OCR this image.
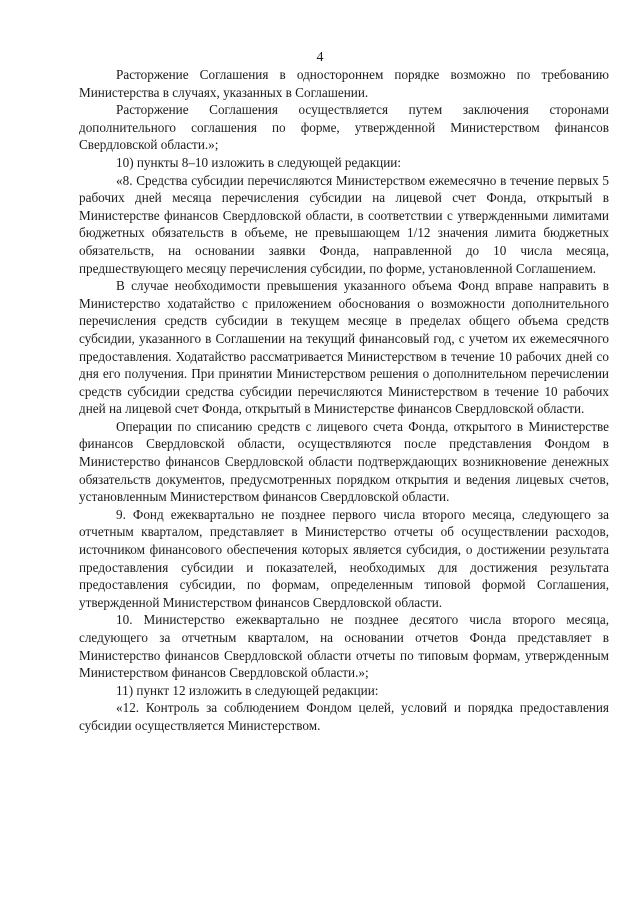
4

Расторжение Соглашения в одностороннем порядке возможно по требованию Министерства в случаях, указанных в Соглашении.

Расторжение Соглашения осуществляется путем заключения сторонами дополнительного соглашения по форме, утвержденной Министерством финансов Свердловской области.»;

10) пункты 8–10 изложить в следующей редакции:

«8. Средства субсидии перечисляются Министерством ежемесячно в течение первых 5 рабочих дней месяца перечисления субсидии на лицевой счет Фонда, открытый в Министерстве финансов Свердловской области, в соответствии с утвержденными лимитами бюджетных обязательств в объеме, не превышающем 1/12 значения лимита бюджетных обязательств, на основании заявки Фонда, направленной до 10 числа месяца, предшествующего месяцу перечисления субсидии, по форме, установленной Соглашением.

В случае необходимости превышения указанного объема Фонд вправе направить в Министерство ходатайство с приложением обоснования о возможности дополнительного перечисления средств субсидии в текущем месяце в пределах общего объема средств субсидии, указанного в Соглашении на текущий финансовый год, с учетом их ежемесячного предоставления. Ходатайство рассматривается Министерством в течение 10 рабочих дней со дня его получения. При принятии Министерством решения о дополнительном перечислении средств субсидии средства субсидии перечисляются Министерством в течение 10 рабочих дней на лицевой счет Фонда, открытый в Министерстве финансов Свердловской области.

Операции по списанию средств с лицевого счета Фонда, открытого в Министерстве финансов Свердловской области, осуществляются после представления Фондом в Министерство финансов Свердловской области подтверждающих возникновение денежных обязательств документов, предусмотренных порядком открытия и ведения лицевых счетов, установленным Министерством финансов Свердловской области.

9. Фонд ежеквартально не позднее первого числа второго месяца, следующего за отчетным кварталом, представляет в Министерство отчеты об осуществлении расходов, источником финансового обеспечения которых является субсидия, о достижении результата предоставления субсидии и показателей, необходимых для достижения результата предоставления субсидии, по формам, определенным типовой формой Соглашения, утвержденной Министерством финансов Свердловской области.

10. Министерство ежеквартально не позднее десятого числа второго месяца, следующего за отчетным кварталом, на основании отчетов Фонда представляет в Министерство финансов Свердловской области отчеты по типовым формам, утвержденным Министерством финансов Свердловской области.»;

11) пункт 12 изложить в следующей редакции:

«12. Контроль за соблюдением Фондом целей, условий и порядка предоставления субсидии осуществляется Министерством.
